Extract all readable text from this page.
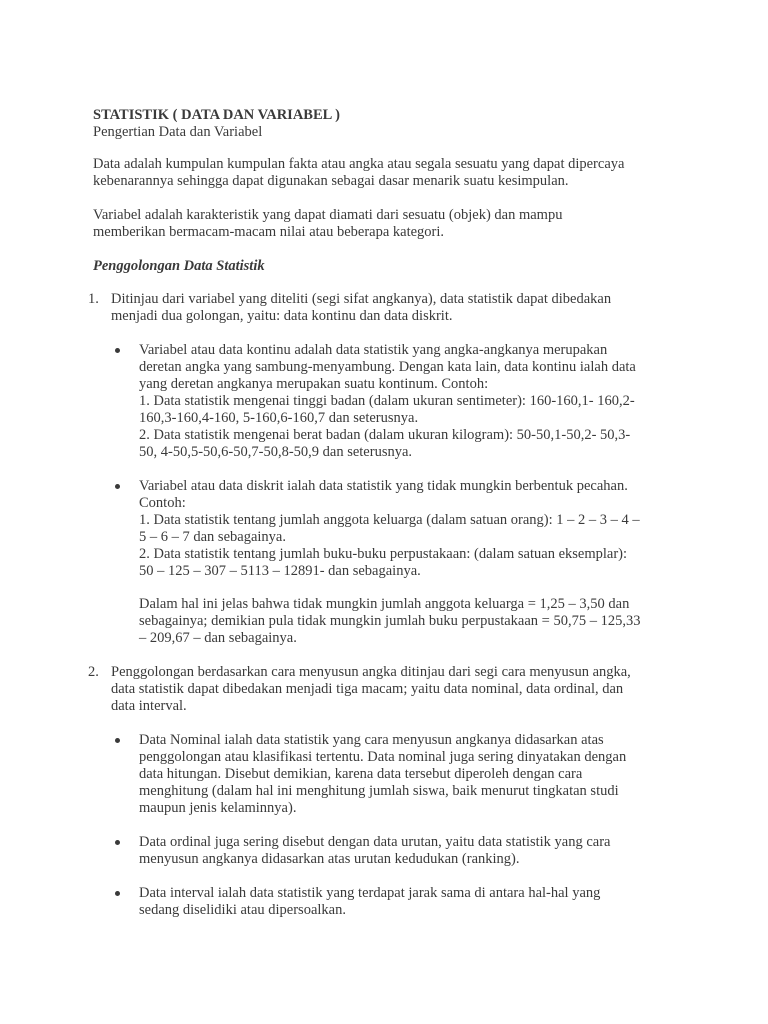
STATISTIK ( DATA DAN VARIABEL )

Pengertian Data dan Variabel

Data adalah kumpulan kumpulan fakta atau angka atau segala sesuatu yang dapat dipercaya

kebenarannya sehingga dapat digunakan sebagai dasar menarik suatu kesimpulan.

Variabel adalah karakteristik yang dapat diamati dari sesuatu (objek) dan mampu

memberikan bermacam-macam nilai atau beberapa kategori.

Penggolongan Data Statistik

1. Ditinjau dari variabel yang diteliti (segi sifat angkanya), data statistik dapat dibedakan

menjadi dua golongan, yaitu: data kontinu dan data diskrit.

Variabel atau data kontinu adalah data statistik yang angka-angkanya merupakan

deretan angka yang sambung-menyambung. Dengan kata lain, data kontinu ialah data

yang deretan angkanya merupakan suatu kontinum. Contoh:

1. Data statistik mengenai tinggi badan (dalam ukuran sentimeter): 160-160,1- 160,2-

160,3-160,4-160, 5-160,6-160,7 dan seterusnya.

2. Data statistik mengenai berat badan (dalam ukuran kilogram): 50-50,1-50,2- 50,3-

50, 4-50,5-50,6-50,7-50,8-50,9 dan seterusnya.

Variabel atau data diskrit ialah data statistik yang tidak mungkin berbentuk pecahan.

Contoh:

1. Data statistik tentang jumlah anggota keluarga (dalam satuan orang): 1 – 2 – 3 – 4 –

5 – 6 – 7 dan sebagainya.

2. Data statistik tentang jumlah buku-buku perpustakaan: (dalam satuan eksemplar):

50 – 125 – 307 – 5113 – 12891- dan sebagainya.

Dalam hal ini jelas bahwa tidak mungkin jumlah anggota keluarga = 1,25 – 3,50 dan

sebagainya; demikian pula tidak mungkin jumlah buku perpustakaan = 50,75 – 125,33

– 209,67 – dan sebagainya.

2. Penggolongan berdasarkan cara menyusun angka ditinjau dari segi cara menyusun angka,

data statistik dapat dibedakan menjadi tiga macam; yaitu data nominal, data ordinal, dan

data interval.

Data Nominal ialah data statistik yang cara menyusun angkanya didasarkan atas

penggolongan atau klasifikasi tertentu. Data nominal juga sering dinyatakan dengan

data hitungan. Disebut demikian, karena data tersebut diperoleh dengan cara

menghitung (dalam hal ini menghitung jumlah siswa, baik menurut tingkatan studi

maupun jenis kelaminnya).

Data ordinal juga sering disebut dengan data urutan, yaitu data statistik yang cara

menyusun angkanya didasarkan atas urutan kedudukan (ranking).

Data interval ialah data statistik yang terdapat jarak sama di antara hal-hal yang

sedang diselidiki atau dipersoalkan.
